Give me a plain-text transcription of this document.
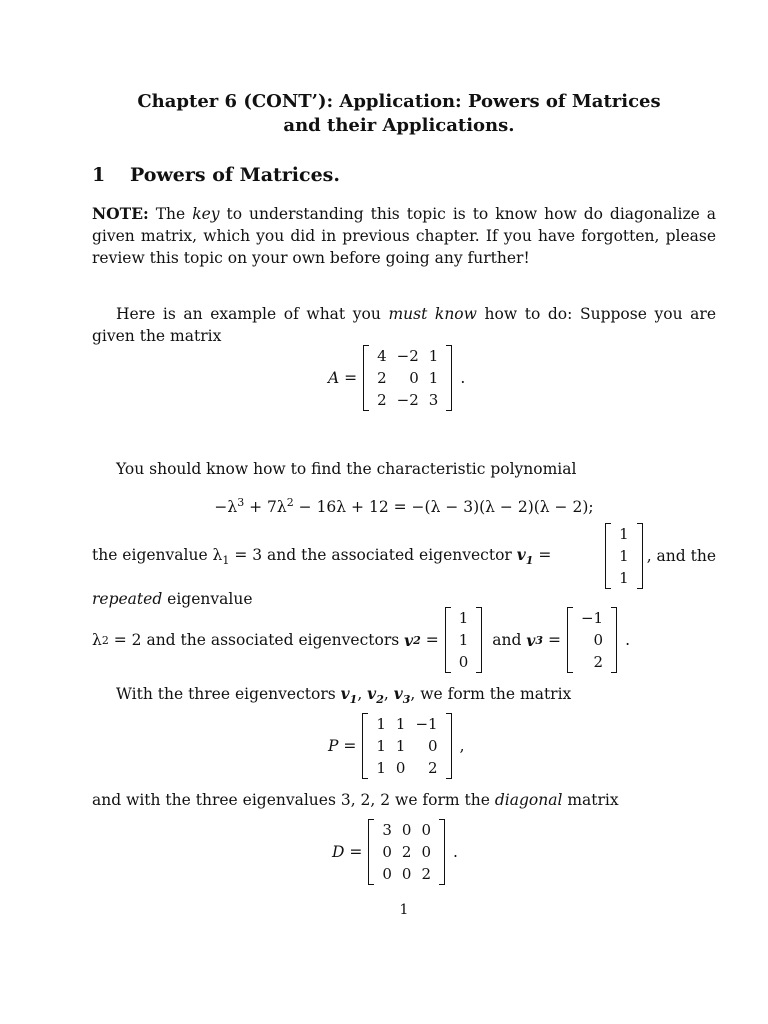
Chapter 6 (CONT’): Application: Powers of Matrices
and their Applications.
1 Powers of Matrices.
NOTE: The key to understanding this topic is to know how do diagonalize a given matrix, which you did in previous chapter. If you have forgotten, please review this topic on your own before going any further!
Here is an example of what you must know how to do: Suppose you are given the matrix
A =
4 −2 1
2	0 1
2 −2 3
.
You should know how to find the characteristic polynomial
$-\lambda^3 + 7\lambda^2 - 16\lambda + 12 = -(\lambda - 3)(\lambda - 2)(\lambda - 2)$;
the eigenvalue $\lambda_1 = 3$ and the associated eigenvector $v_1$ =
1
1
1
, and the
repeated eigenvalue
λ 2 = 2 and the associated eigenvectors v 2 =
1
1
0
and v 3 =
−1
0
2
.
With the three eigenvectors $v_1$, $v_2$, $v_3$, we form the matrix
P =
1 1 −1
1 1	0
1 0	2
,
and with the three eigenvalues 3, 2, 2 we form the diagonal matrix
D =
3 0 0
0 2 0
0 0 2
.
1
